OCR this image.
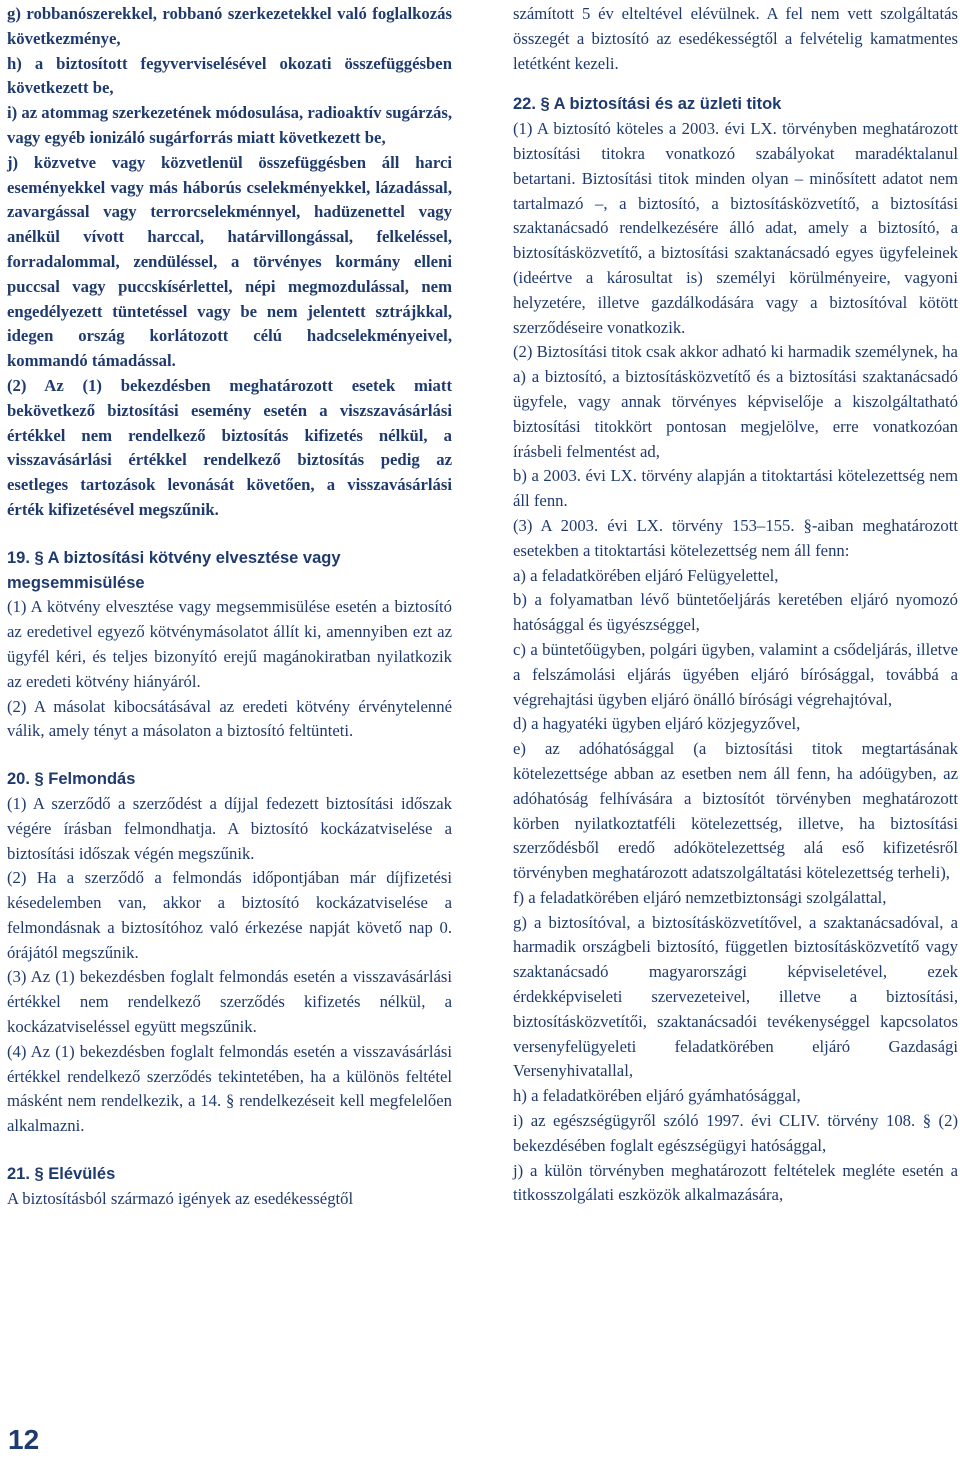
g) robbanószerekkel, robbanó szerkezetekkel való foglalkozás következménye,

h) a biztosított fegyverviselésével okozati összefüggésben következett be,

i) az atommag szerkezetének módosulása, radioaktív sugárzás, vagy egyéb ionizáló sugárforrás miatt következett be,

j) közvetve vagy közvetlenül összefüggésben áll harci eseményekkel vagy más háborús cselekményekkel, lázadással, zavargással vagy terrorcselekménnyel, hadüzenettel vagy anélkül vívott harccal, határvillongással, felkeléssel, forradalommal, zendüléssel, a törvényes kormány elleni puccsal vagy puccskísérlettel, népi megmozdulással, nem engedélyezett tüntetéssel vagy be nem jelentett sztrájkkal, idegen ország korlátozott célú hadcselekményeivel, kommandó támadással.

(2) Az (1) bekezdésben meghatározott esetek miatt bekövetkező biztosítási esemény esetén a viszszavásárlási értékkel nem rendelkező biztosítás kifizetés nélkül, a visszavásárlási értékkel rendelkező biztosítás pedig az esetleges tartozások levonását követően, a visszavásárlási érték kifizetésével megszűnik.

19. § A biztosítási kötvény elvesztése vagy megsemmisülése

(1) A kötvény elvesztése vagy megsemmisülése esetén a biztosító az eredetivel egyező kötvénymásolatot állít ki, amennyiben ezt az ügyfél kéri, és teljes bizonyító erejű magánokiratban nyilatkozik az eredeti kötvény hiányáról.

(2) A másolat kibocsátásával az eredeti kötvény érvénytelenné válik, amely tényt a másolaton a biztosító feltünteti.

20. § Felmondás

(1) A szerződő a szerződést a díjjal fedezett biztosítási időszak végére írásban felmondhatja. A biztosító kockázatviselése a biztosítási időszak végén megszűnik.

(2) Ha a szerződő a felmondás időpontjában már díjfizetési késedelemben van, akkor a biztosító kockázatviselése a felmondásnak a biztosítóhoz való érkezése napját követő nap 0. órájától megszűnik.

(3) Az (1) bekezdésben foglalt felmondás esetén a visszavásárlási értékkel nem rendelkező szerződés kifizetés nélkül, a kockázatviseléssel együtt megszűnik.

(4) Az (1) bekezdésben foglalt felmondás esetén a visszavásárlási értékkel rendelkező szerződés tekintetében, ha a különös feltétel másként nem rendelkezik, a 14. § rendelkezéseit kell megfelelően alkalmazni.

21. § Elévülés

A biztosításból származó igények az esedékességtől

számított 5 év elteltével elévülnek. A fel nem vett szolgáltatás összegét a biztosító az esedékességtől a felvételig kamatmentes letétként kezeli.

22. § A biztosítási és az üzleti titok

(1) A biztosító köteles a 2003. évi LX. törvényben meghatározott biztosítási titokra vonatkozó szabályokat maradéktalanul betartani. Biztosítási titok minden olyan – minősített adatot nem tartalmazó –, a biztosító, a biztosításközvetítő, a biztosítási szaktanácsadó rendelkezésére álló adat, amely a biztosító, a biztosításközvetítő, a biztosítási szaktanácsadó egyes ügyfeleinek (ideértve a károsultat is) személyi körülményeire, vagyoni helyzetére, illetve gazdálkodására vagy a biztosítóval kötött szerződéseire vonatkozik.

(2) Biztosítási titok csak akkor adható ki harmadik személynek, ha

a) a biztosító, a biztosításközvetítő és a biztosítási szaktanácsadó ügyfele, vagy annak törvényes képviselője a kiszolgáltatható biztosítási titokkört pontosan megjelölve, erre vonatkozóan írásbeli felmentést ad,

b) a 2003. évi LX. törvény alapján a titoktartási kötelezettség nem áll fenn.

(3) A 2003. évi LX. törvény 153–155. §-aiban meghatározott esetekben a titoktartási kötelezettség nem áll fenn:

a) a feladatkörében eljáró Felügyelettel,

b) a folyamatban lévő büntetőeljárás keretében eljáró nyomozó hatósággal és ügyészséggel,

c) a büntetőügyben, polgári ügyben, valamint a csődeljárás, illetve a felszámolási eljárás ügyében eljáró bírósággal, továbbá a végrehajtási ügyben eljáró önálló bírósági végrehajtóval,

d) a hagyatéki ügyben eljáró közjegyzővel,

e) az adóhatósággal (a biztosítási titok megtartásának kötelezettsége abban az esetben nem áll fenn, ha adóügyben, az adóhatóság felhívására a biztosítót törvényben meghatározott körben nyilatkoztatféli kötelezettség, illetve, ha biztosítási szerződésből eredő adókötelezettség alá eső kifizetésről törvényben meghatározott adatszolgáltatási kötelezettség terheli),

f) a feladatkörében eljáró nemzetbiztonsági szolgálattal,

g) a biztosítóval, a biztosításközvetítővel, a szaktanácsadóval, a harmadik országbeli biztosító, független biztosításközvetítő vagy szaktanácsadó magyarországi képviseletével, ezek érdekképviseleti szervezeteivel, illetve a biztosítási, biztosításközvetítői, szaktanácsadói tevékenységgel kapcsolatos versenyfelügyeleti feladatkörében eljáró Gazdasági Versenyhivatallal,

h) a feladatkörében eljáró gyámhatósággal,

i) az egészségügyről szóló 1997. évi CLIV. törvény 108. § (2) bekezdésében foglalt egészségügyi hatósággal,

j) a külön törvényben meghatározott feltételek meglétе esetén a titkosszolgálati eszközök alkalmazására,

12
